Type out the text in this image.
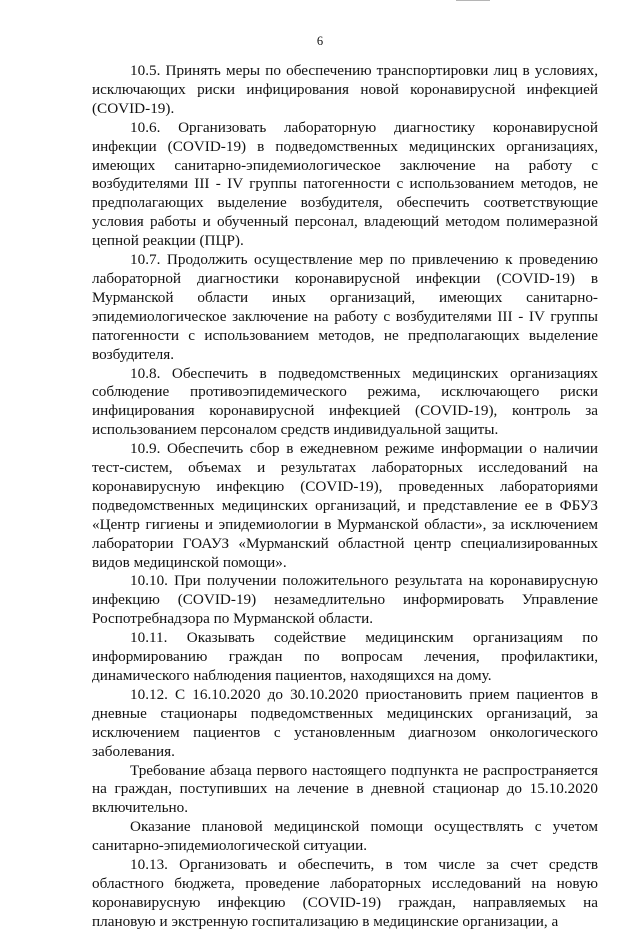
6

10.5. Принять меры по обеспечению транспортировки лиц в условиях, исключающих риски инфицирования новой коронавирусной инфекцией (COVID-19).

10.6. Организовать лабораторную диагностику коронавирусной инфекции (COVID-19) в подведомственных медицинских организациях, имеющих санитарно-эпидемиологическое заключение на работу с возбудителями III - IV группы патогенности с использованием методов, не предполагающих выделение возбудителя, обеспечить соответствующие условия работы и обученный персонал, владеющий методом полимеразной цепной реакции (ПЦР).

10.7. Продолжить осуществление мер по привлечению к проведению лабораторной диагностики коронавирусной инфекции (COVID-19) в Мурманской области иных организаций, имеющих санитарно-эпидемиологическое заключение на работу с возбудителями III - IV группы патогенности с использованием методов, не предполагающих выделение возбудителя.

10.8. Обеспечить в подведомственных медицинских организациях соблюдение противоэпидемического режима, исключающего риски инфицирования коронавирусной инфекцией (COVID-19), контроль за использованием персоналом средств индивидуальной защиты.

10.9. Обеспечить сбор в ежедневном режиме информации о наличии тест-систем, объемах и результатах лабораторных исследований на коронавирусную инфекцию (COVID-19), проведенных лабораториями подведомственных медицинских организаций, и представление ее в ФБУЗ «Центр гигиены и эпидемиологии в Мурманской области», за исключением лаборатории ГОАУЗ «Мурманский областной центр специализированных видов медицинской помощи».

10.10. При получении положительного результата на коронавирусную инфекцию (COVID-19) незамедлительно информировать Управление Роспотребнадзора по Мурманской области.

10.11. Оказывать содействие медицинским организациям по информированию граждан по вопросам лечения, профилактики, динамического наблюдения пациентов, находящихся на дому.

10.12. С 16.10.2020 до 30.10.2020 приостановить прием пациентов в дневные стационары подведомственных медицинских организаций, за исключением пациентов с установленным диагнозом онкологического заболевания.

Требование абзаца первого настоящего подпункта не распространяется на граждан, поступивших на лечение в дневной стационар до 15.10.2020 включительно.

Оказание плановой медицинской помощи осуществлять с учетом санитарно-эпидемиологической ситуации.

10.13. Организовать и обеспечить, в том числе за счет средств областного бюджета, проведение лабораторных исследований на новую коронавирусную инфекцию (COVID-19) граждан, направляемых на плановую и экстренную госпитализацию в медицинские организации, а
